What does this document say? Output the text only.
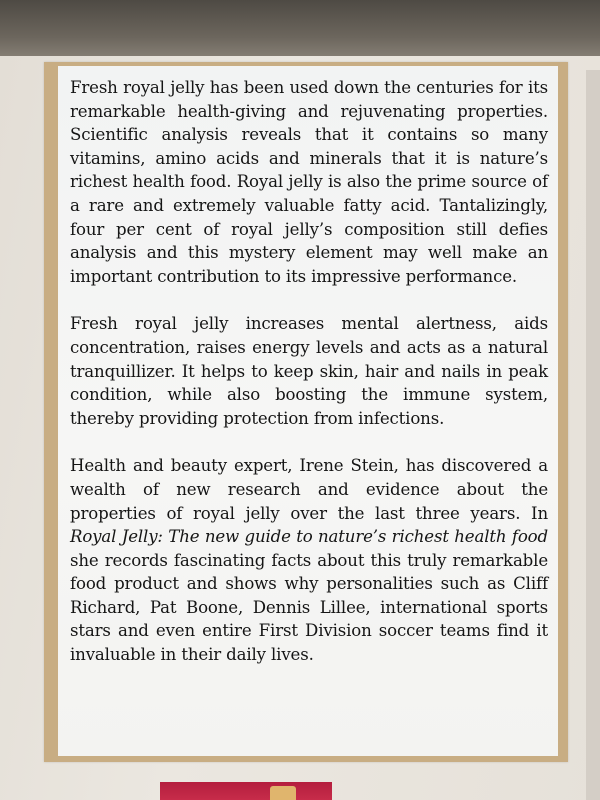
Fresh royal jelly has been used down the centuries for its remarkable health-giving and rejuvenating properties. Scientific analysis reveals that it contains so many vitamins, amino acids and minerals that it is nature’s richest health food. Royal jelly is also the prime source of a rare and extremely valuable fatty acid. Tantalizingly, four per cent of royal jelly’s composition still defies analysis and this mystery element may well make an important contribution to its impressive performance.

Fresh royal jelly increases mental alertness, aids concentration, raises energy levels and acts as a natural tranquillizer. It helps to keep skin, hair and nails in peak condition, while also boosting the immune system, thereby providing protection from infections.

Health and beauty expert, Irene Stein, has discovered a wealth of new research and evidence about the properties of royal jelly over the last three years. In Royal Jelly: The new guide to nature’s richest health food she records fascinating facts about this truly remarkable food product and shows why personalities such as Cliff Richard, Pat Boone, Dennis Lillee, international sports stars and even entire First Division soccer teams find it invaluable in their daily lives.
